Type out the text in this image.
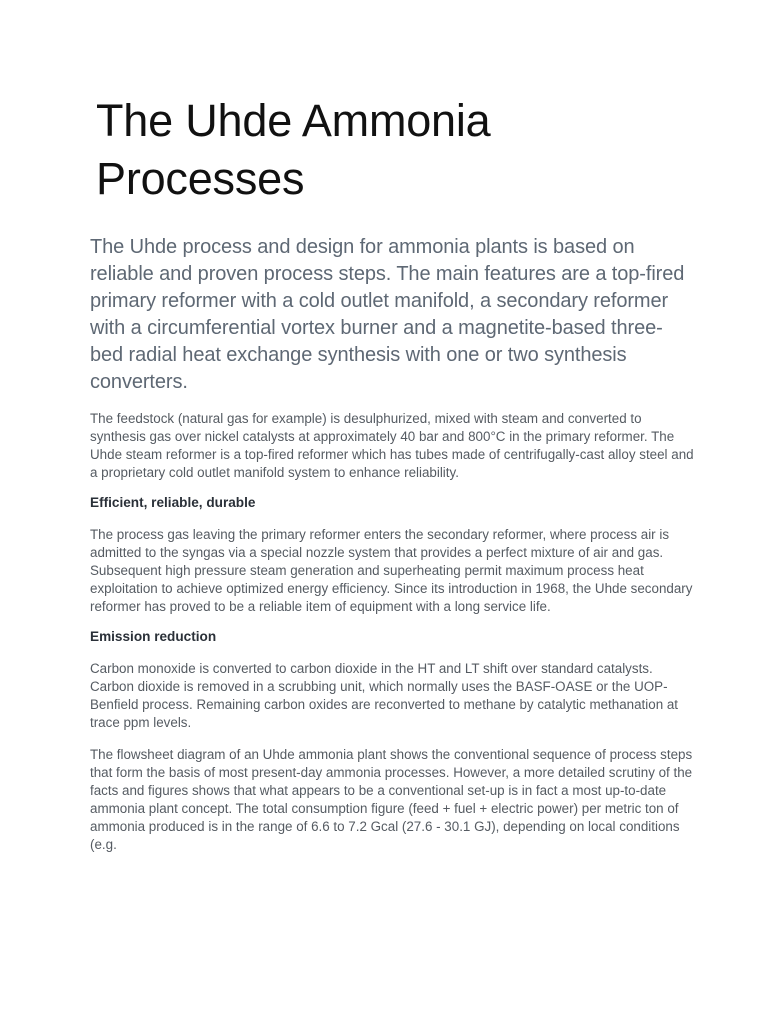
The Uhde Ammonia Processes

The Uhde process and design for ammonia plants is based on reliable and proven process steps. The main features are a top-fired primary reformer with a cold outlet manifold, a secondary reformer with a circumferential vortex burner and a magnetite-based three-bed radial heat exchange synthesis with one or two synthesis converters.

The feedstock (natural gas for example) is desulphurized, mixed with steam and converted to synthesis gas over nickel catalysts at approximately 40 bar and 800°C in the primary reformer. The Uhde steam reformer is a top-fired reformer which has tubes made of centrifugally-cast alloy steel and a proprietary cold outlet manifold system to enhance reliability.

Efficient, reliable, durable

The process gas leaving the primary reformer enters the secondary reformer, where process air is admitted to the syngas via a special nozzle system that provides a perfect mixture of air and gas. Subsequent high pressure steam generation and superheating permit maximum process heat exploitation to achieve optimized energy efficiency. Since its introduction in 1968, the Uhde secondary reformer has proved to be a reliable item of equipment with a long service life.

Emission reduction

Carbon monoxide is converted to carbon dioxide in the HT and LT shift over standard catalysts. Carbon dioxide is removed in a scrubbing unit, which normally uses the BASF-OASE or the UOP-Benfield process. Remaining carbon oxides are reconverted to methane by catalytic methanation at trace ppm levels.

The flowsheet diagram of an Uhde ammonia plant shows the conventional sequence of process steps that form the basis of most present-day ammonia processes. However, a more detailed scrutiny of the facts and figures shows that what appears to be a conventional set-up is in fact a most up-to-date ammonia plant concept. The total consumption figure (feed + fuel + electric power) per metric ton of ammonia produced is in the range of 6.6 to 7.2 Gcal (27.6 - 30.1 GJ), depending on local conditions (e.g.
